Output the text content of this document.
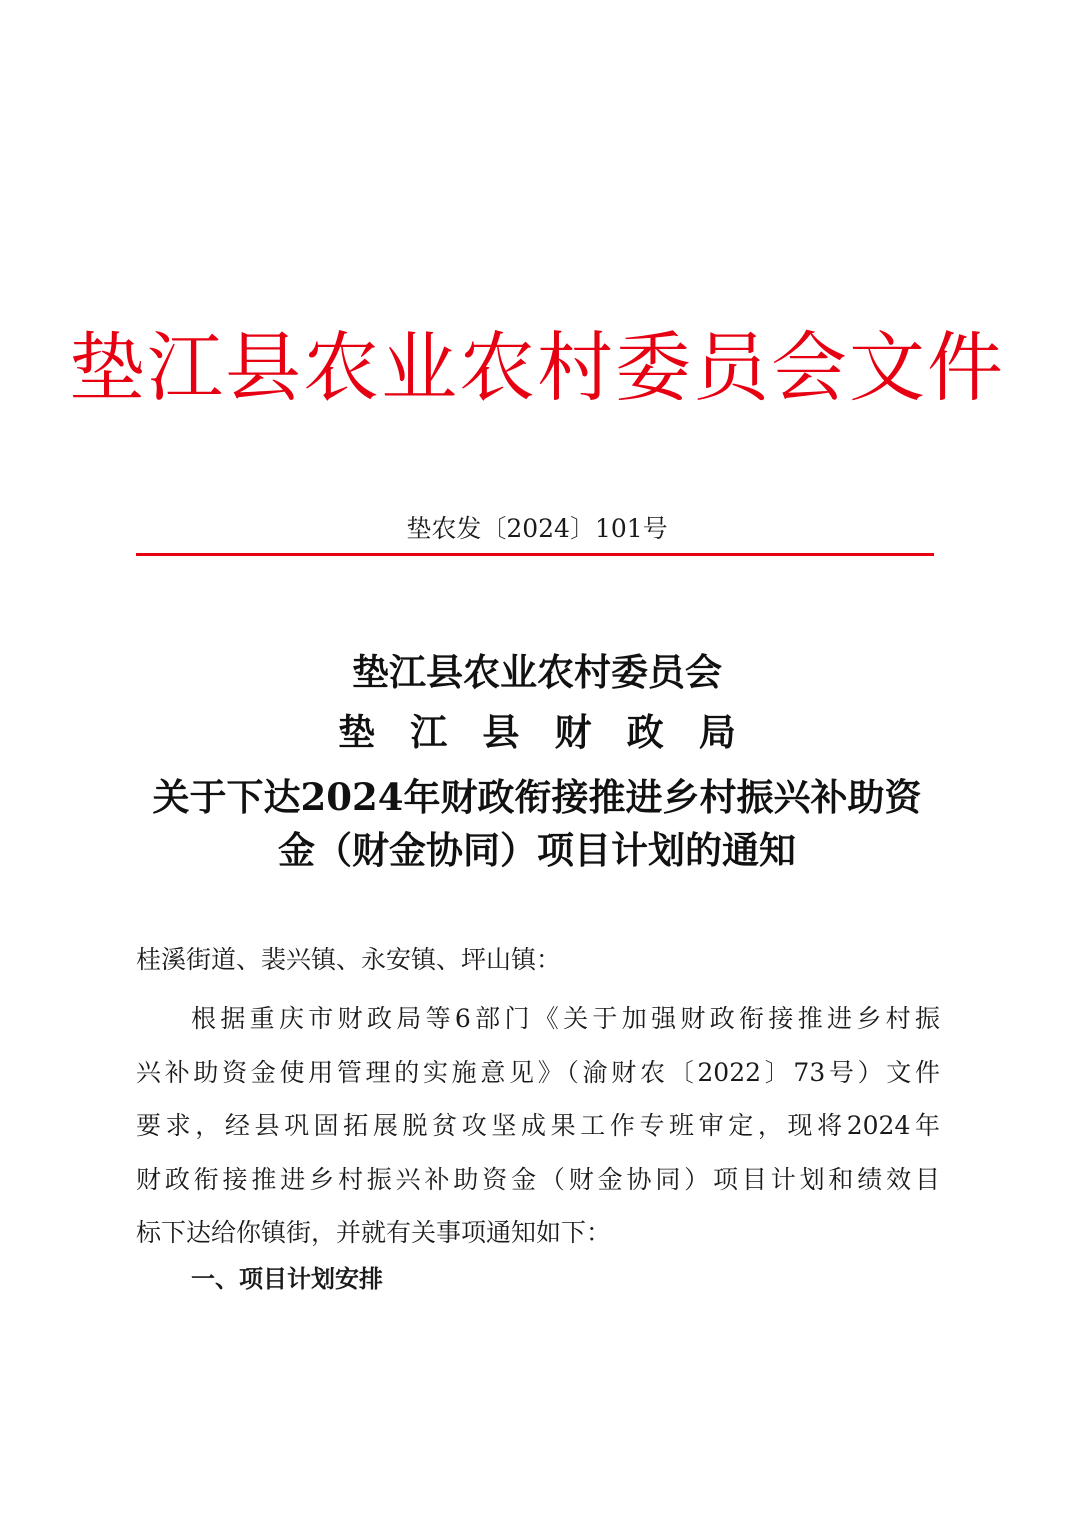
垫江县农业农村委员会文件
垫农发〔2024〕101号
垫江县农业农村委员会
垫江县财政局
关于下达2024年财政衔接推进乡村振兴补助资
金（财金协同）项目计划的通知
桂溪街道、裴兴镇、永安镇、坪山镇：
根据重庆市财政局等6部门《关于加强财政衔接推进乡村振
兴补助资金使用管理的实施意见》（渝财农〔2022〕73号）文件
要求，经县巩固拓展脱贫攻坚成果工作专班审定，现将2024年
财政衔接推进乡村振兴补助资金（财金协同）项目计划和绩效目
标下达给你镇街，并就有关事项通知如下：
一、项目计划安排
